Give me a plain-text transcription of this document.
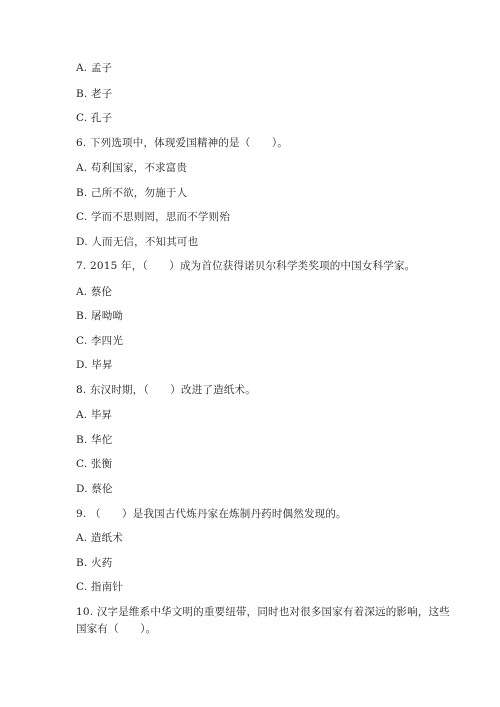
A. 孟子
B. 老子
C. 孔子
6. 下列选项中，体现爱国精神的是（　　）。
A. 苟利国家，不求富贵
B. 己所不欲，勿施于人
C. 学而不思则罔，思而不学则殆
D. 人而无信，不知其可也
7. 2015 年，（　　）成为首位获得诺贝尔科学类奖项的中国女科学家。
A. 蔡伦
B. 屠呦呦
C. 李四光
D. 毕昇
8. 东汉时期，（　　）改进了造纸术。
A. 毕昇
B. 华佗
C. 张衡
D. 蔡伦
9. （　　）是我国古代炼丹家在炼制丹药时偶然发现的。
A. 造纸术
B. 火药
C. 指南针
10. 汉字是维系中华文明的重要纽带，同时也对很多国家有着深远的影响，这些
国家有（　　）。
